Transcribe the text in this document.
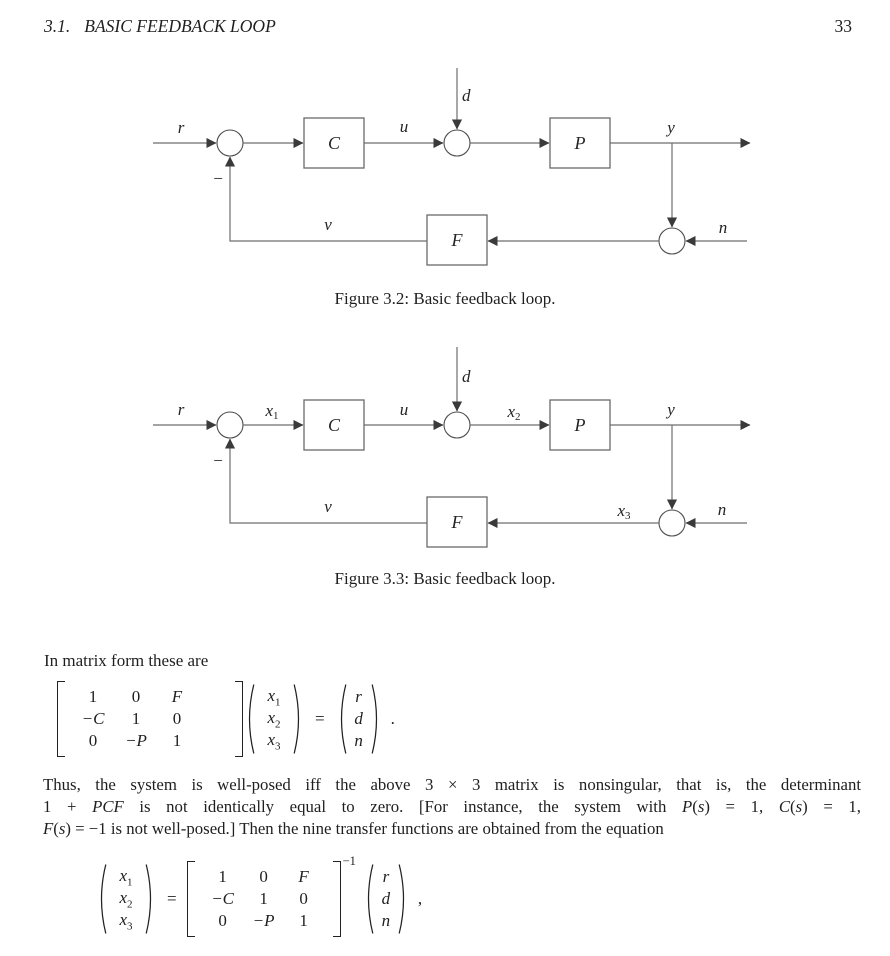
3.1. BASIC FEEDBACK LOOP	33
r
−
C
u
d
P
y
n
F
v
Figure 3.2: Basic feedback loop.
r
−
x1	C
u
d
x2	P
y
n
x3
F
v
Figure 3.3: Basic feedback loop.
In matrix form these are
1	0	F
−C	1	0
0	−P	1
$x_1$
$x_2$
$x_3$
=
r
d
n
.
Thus, the system is well-posed iff the above 3 × 3 matrix is nonsingular, that is, the determinant
1 + PCF is not identically equal to zero. [For instance, the system with P(s) = 1, C(s) = 1,
F(s) = −1 is not well-posed.] Then the nine transfer functions are obtained from the equation
$x_1$
$x_2$
$x_3$
=
1	0	F
−C	1	0
0	−P	1
−1
r
d
n
,
